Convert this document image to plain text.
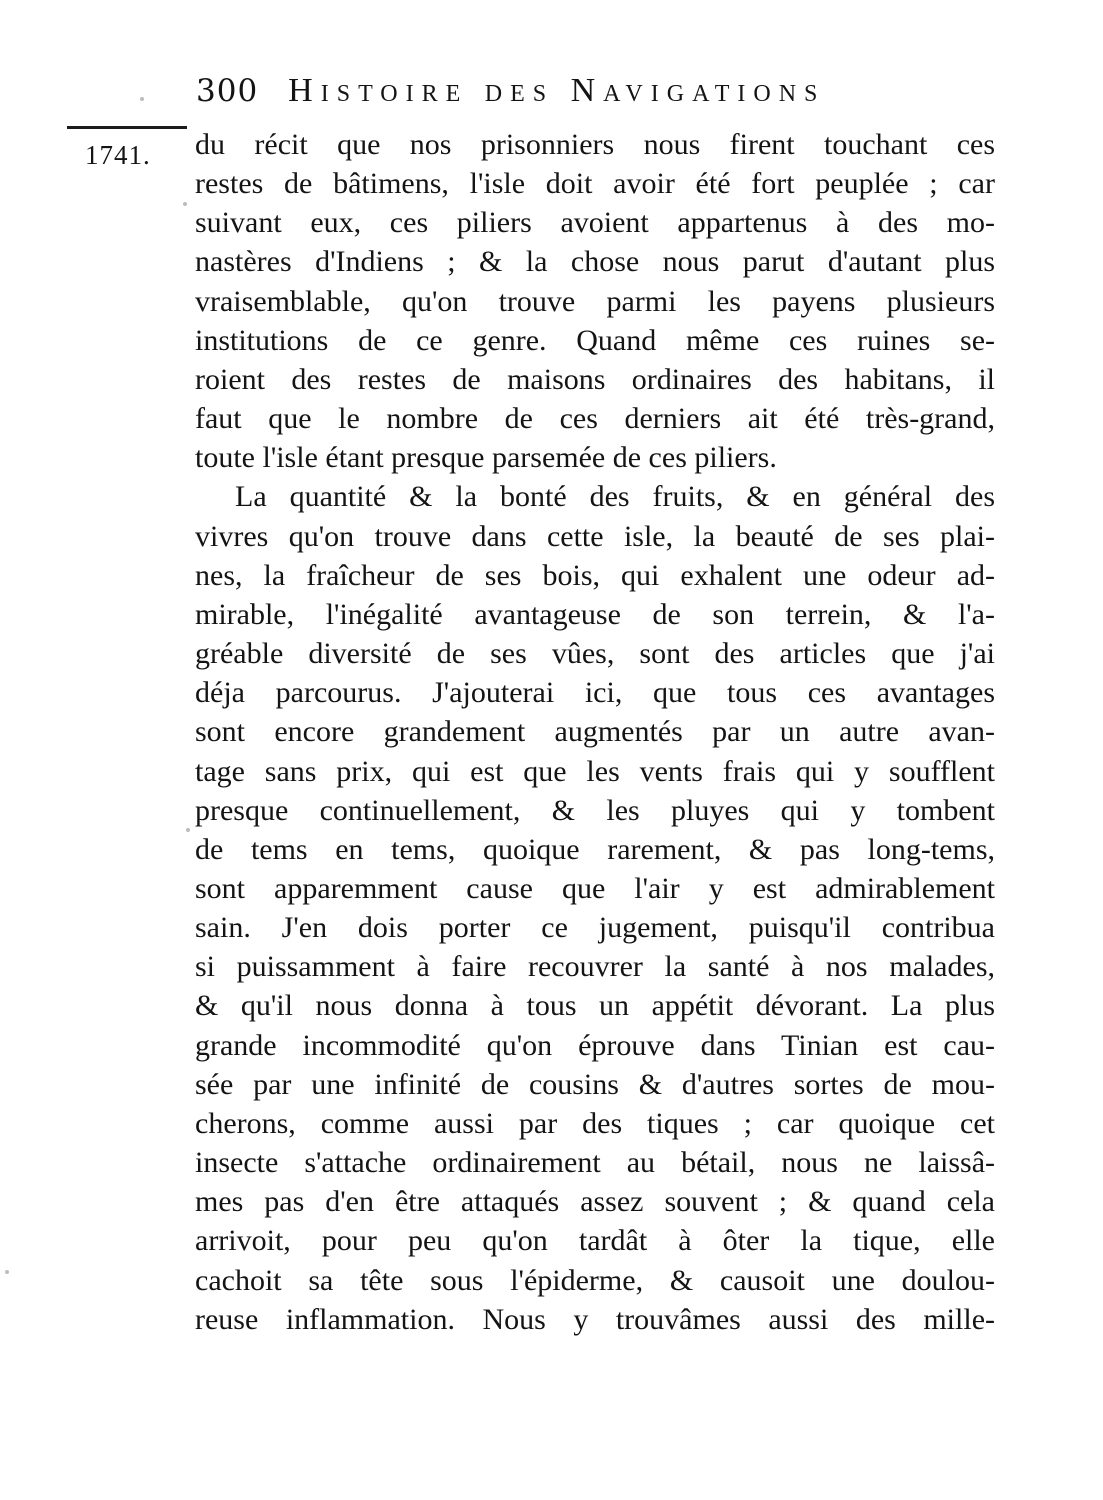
300 Histoire des Navigations
1741. du récit que nos prisonniers nous firent touchant ces
restes de bâtimens, l'isle doit avoir été fort peuplée ; car
suivant eux, ces piliers avoient appartenus à des mo-
nastères d'Indiens ; & la chose nous parut d'autant plus
vraisemblable, qu'on trouve parmi les payens plusieurs
institutions de ce genre. Quand même ces ruines se-
roient des restes de maisons ordinaires des habitans, il
faut que le nombre de ces derniers ait été très-grand,
toute l'isle étant presque parsemée de ces piliers.
La quantité & la bonté des fruits, & en général des
vivres qu'on trouve dans cette isle, la beauté de ses plai-
nes, la fraîcheur de ses bois, qui exhalent une odeur ad-
mirable, l'inégalité avantageuse de son terrein, & l'a-
gréable diversité de ses vûes, sont des articles que j'ai
déja parcourus. J'ajouterai ici, que tous ces avantages
sont encore grandement augmentés par un autre avan-
tage sans prix, qui est que les vents frais qui y soufflent
presque continuellement, & les pluyes qui y tombent
de tems en tems, quoique rarement, & pas long-tems,
sont apparemment cause que l'air y est admirablement
sain. J'en dois porter ce jugement, puisqu'il contribua
si puissamment à faire recouvrer la santé à nos malades,
& qu'il nous donna à tous un appétit dévorant. La plus
grande incommodité qu'on éprouve dans Tinian est cau-
sée par une infinité de cousins & d'autres sortes de mou-
cherons, comme aussi par des tiques ; car quoique cet
insecte s'attache ordinairement au bétail, nous ne laissâ-
mes pas d'en être attaqués assez souvent ; & quand cela
arrivoit, pour peu qu'on tardât à ôter la tique, elle
cachoit sa tête sous l'épiderme, & causoit une doulou-
reuse inflammation. Nous y trouvâmes aussi des mille-
